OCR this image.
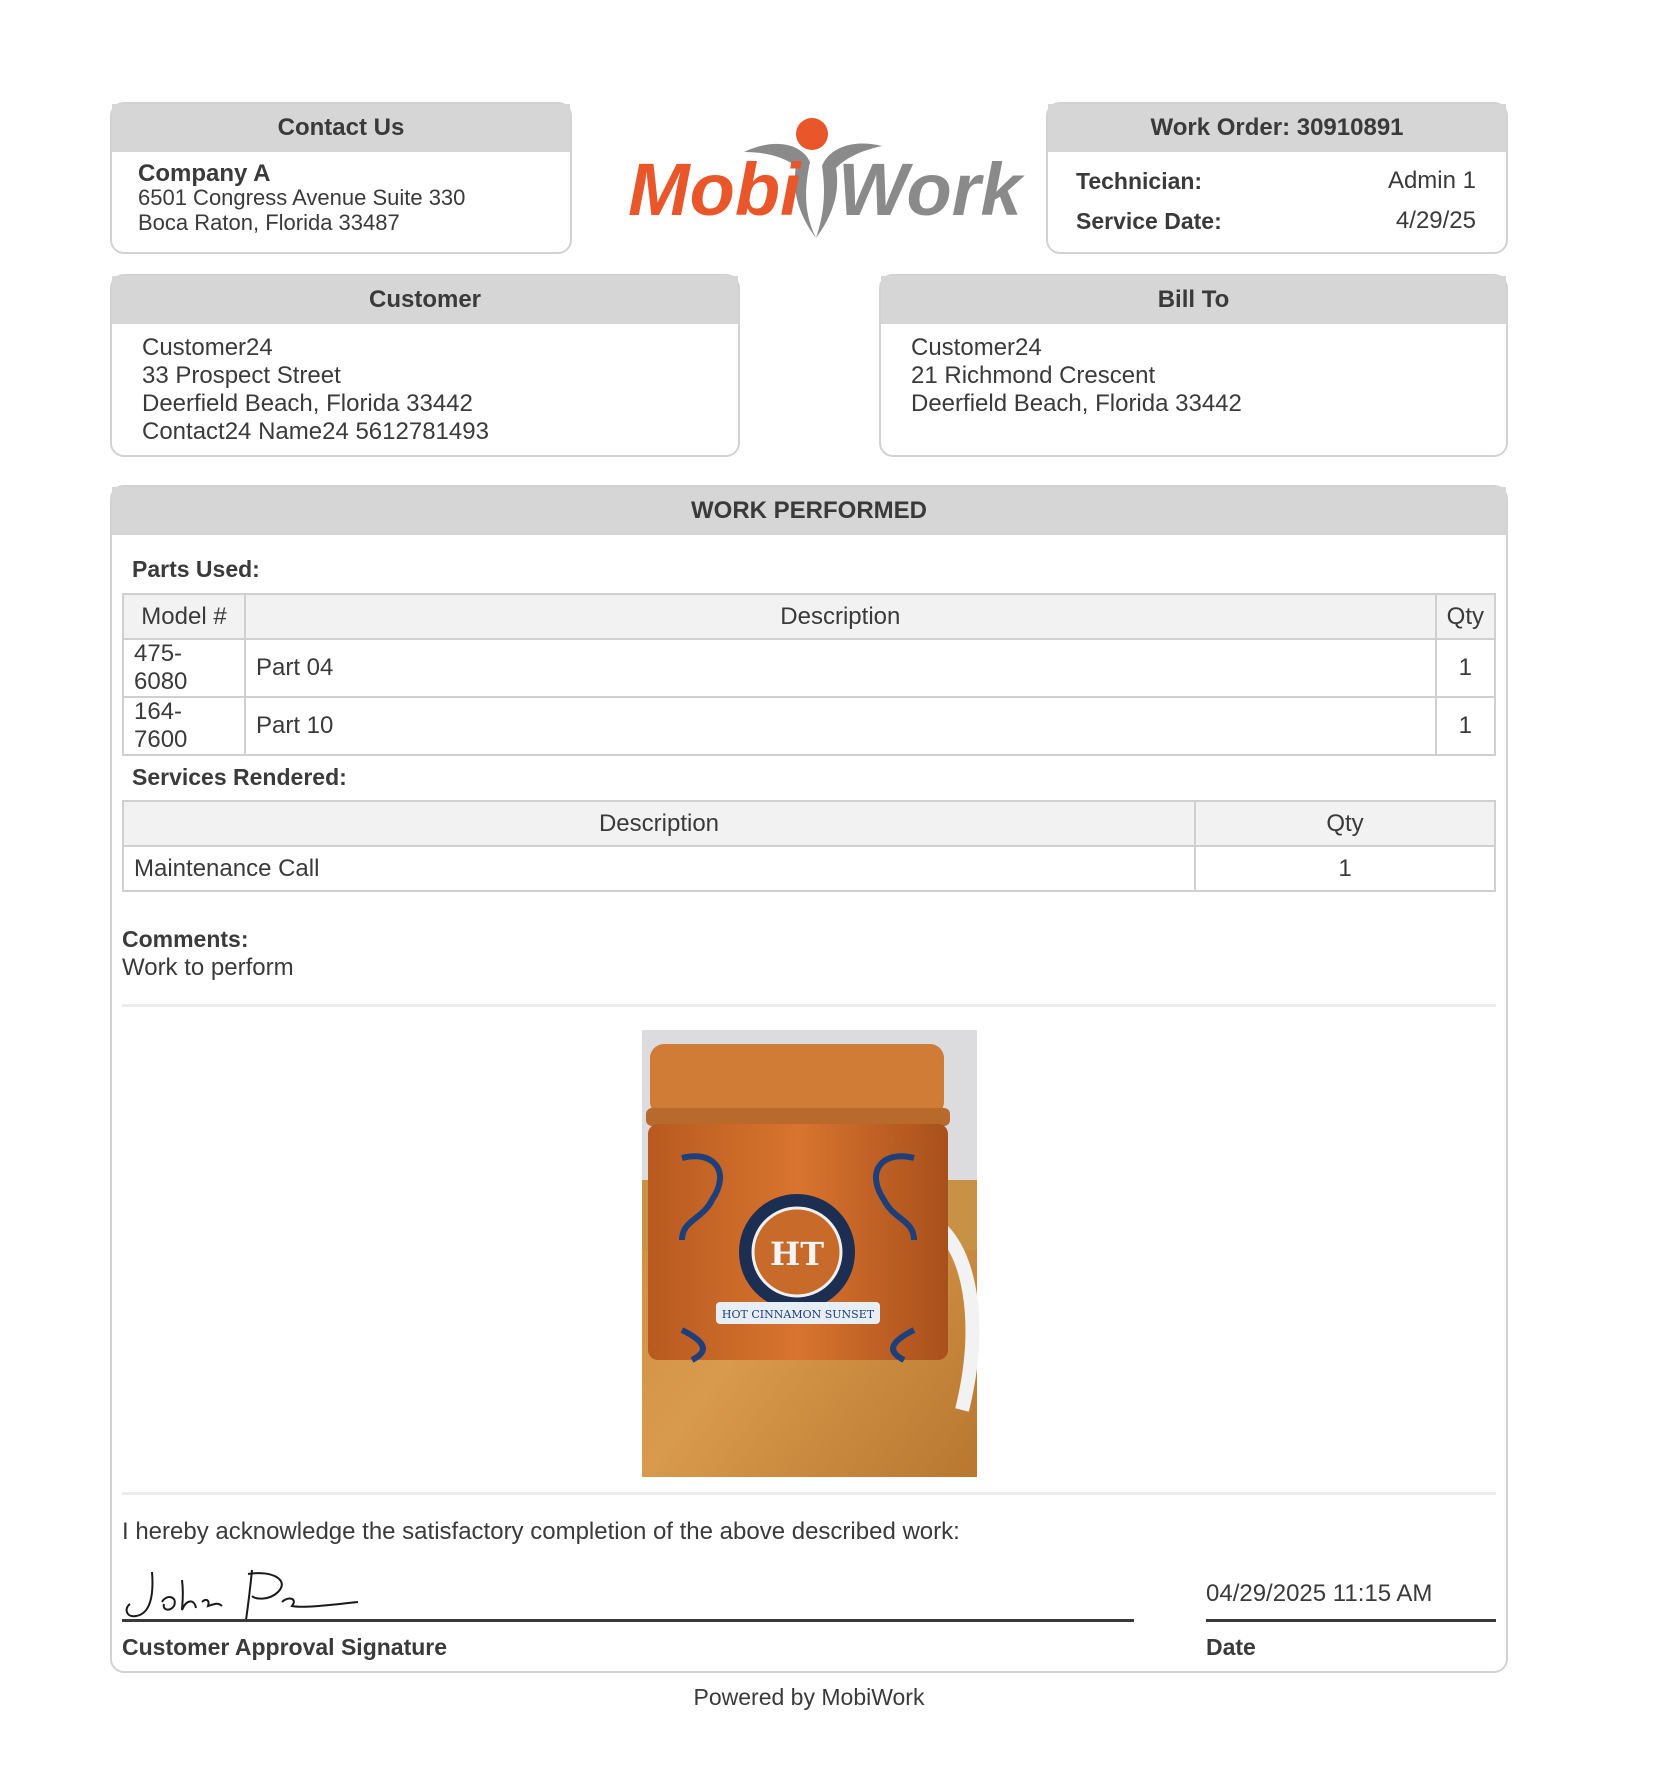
Contact Us
Company A
6501 Congress Avenue Suite 330
Boca Raton, Florida 33487	Mobi Work
Work Order: 30910891
Technician:	Admin 1
Service Date:	4/29/25
Customer
Customer24
33 Prospect Street
Deerfield Beach, Florida 33442
Contact24 Name24 5612781493
Bill To
Customer24
21 Richmond Crescent
Deerfield Beach, Florida 33442
WORK PERFORMED
Parts Used:
Model #	Description	Qty
475-6080	Part 04	1
164-7600	Part 10	1
Services Rendered:
Description	Qty
Maintenance Call	1
Comments:
Work to perform
HT
HOT CINNAMON SUNSET
I hereby acknowledge the satisfactory completion of the above described work:
Customer Approval Signature
04/29/2025 11:15 AM
Date
Powered by MobiWork
